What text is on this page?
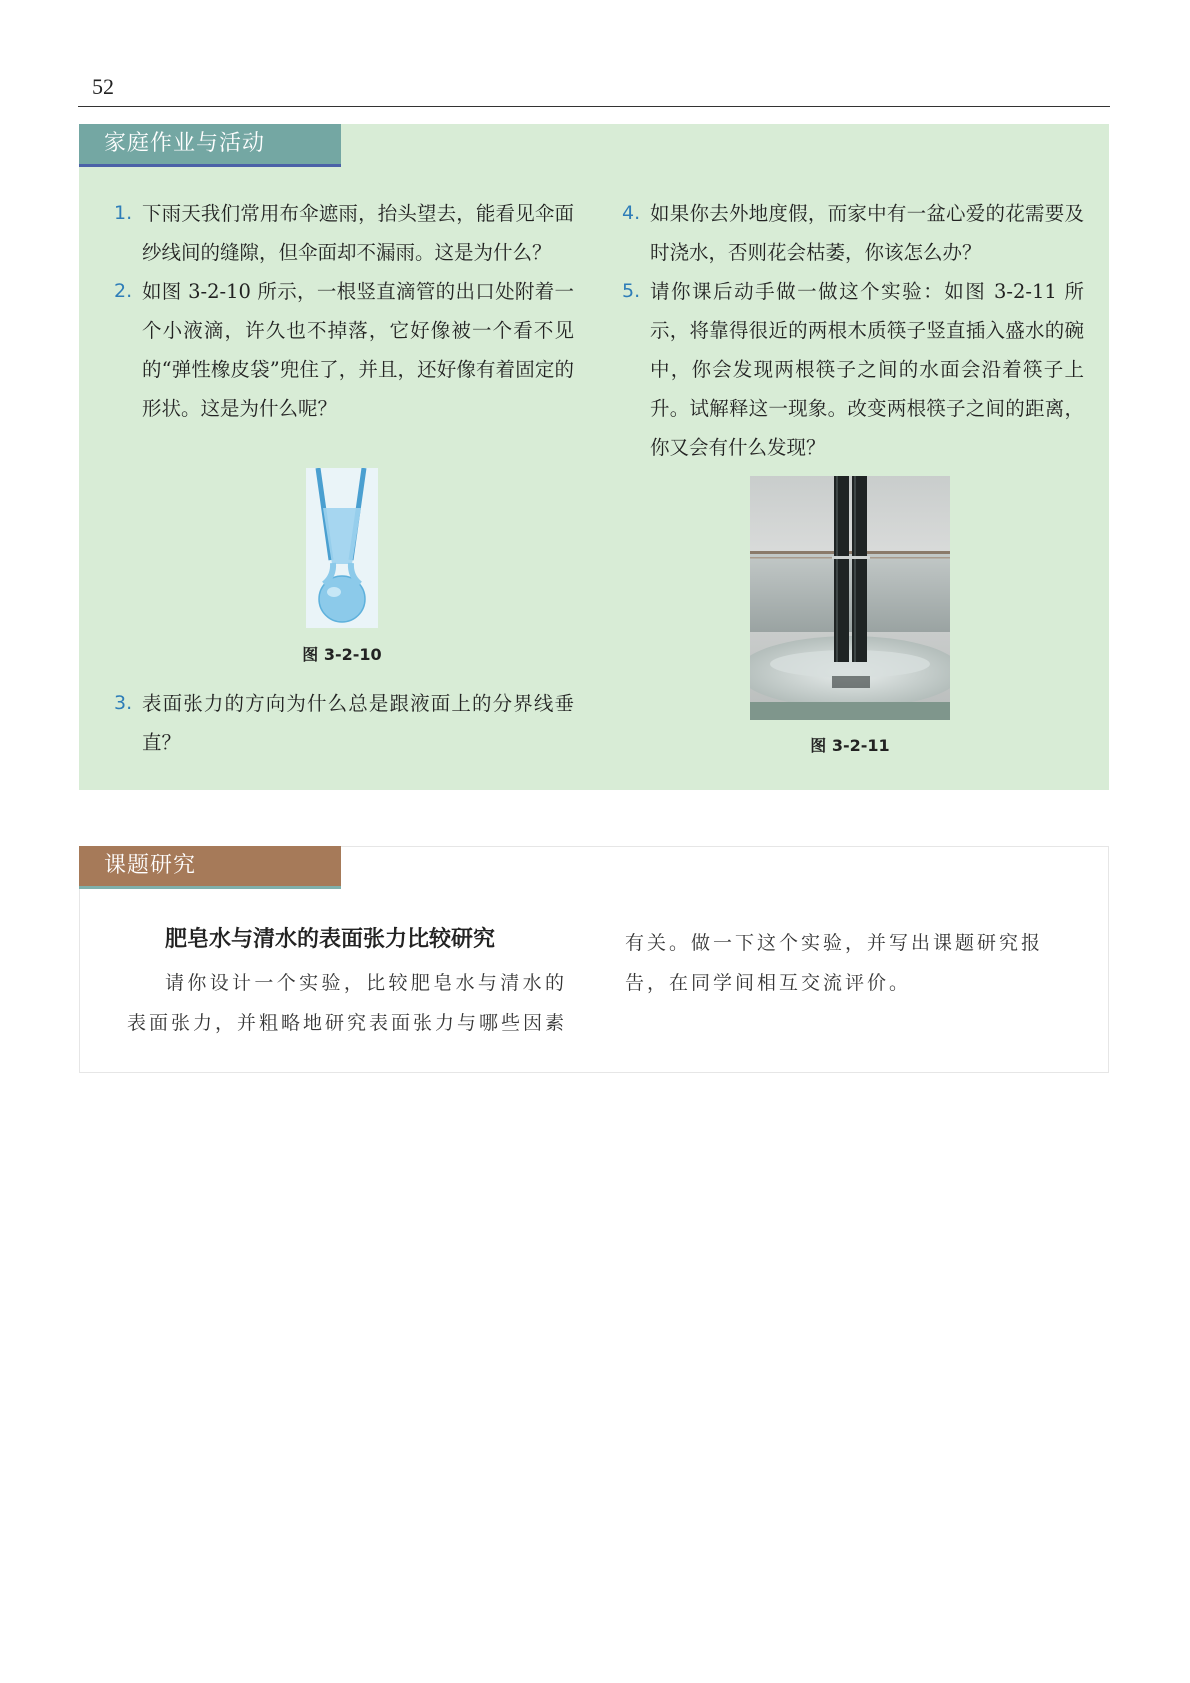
52
家庭作业与活动
1. 下雨天我们常用布伞遮雨，抬头望去，能看见伞面纱线间的缝隙，但伞面却不漏雨。这是为什么？
2. 如图 3-2-10 所示，一根竖直滴管的出口处附着一个小液滴，许久也不掉落，它好像被一个看不见的“弹性橡皮袋”兜住了，并且，还好像有着固定的形状。这是为什么呢？
图 3-2-10
3. 表面张力的方向为什么总是跟液面上的分界线垂直？
4. 如果你去外地度假，而家中有一盆心爱的花需要及时浇水，否则花会枯萎，你该怎么办？
5. 请你课后动手做一做这个实验：如图 3-2-11 所示，将靠得很近的两根木质筷子竖直插入盛水的碗中，你会发现两根筷子之间的水面会沿着筷子上升。试解释这一现象。改变两根筷子之间的距离，你又会有什么发现？
图 3-2-11
课题研究
肥皂水与清水的表面张力比较研究
请你设计一个实验，比较肥皂水与清水的表面张力，并粗略地研究表面张力与哪些因素
有关。做一下这个实验，并写出课题研究报告，在同学间相互交流评价。
